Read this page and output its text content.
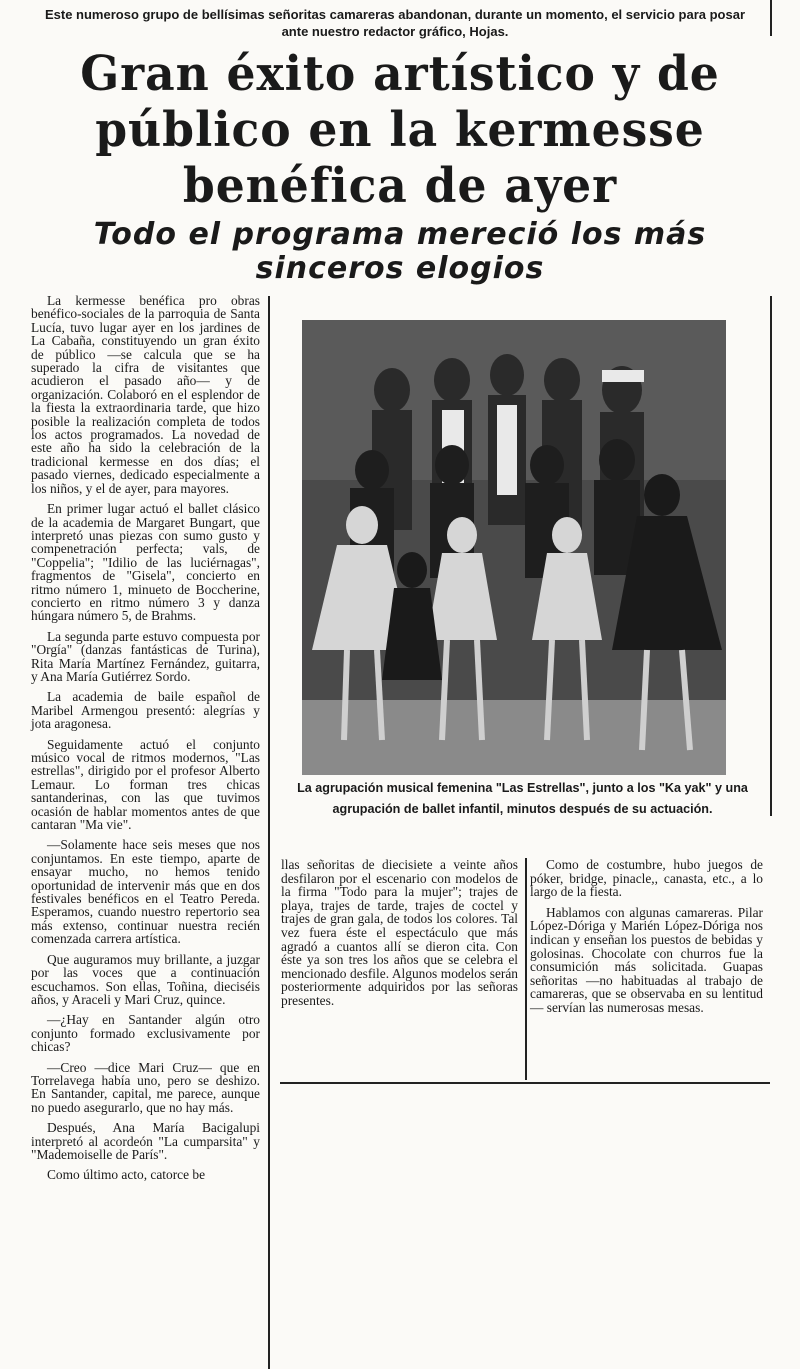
Este numeroso grupo de bellísimas señoritas camareras abandonan, durante un momento, el servicio para posar ante nuestro redactor gráfico, Hojas.
Gran éxito artístico y de público en la kermesse benéfica de ayer
Todo el programa mereció los más sinceros elogios

La kermesse benéfica pro obras benéfico-sociales de la parroquia de Santa Lucía, tuvo lugar ayer en los jardines de La Cabaña, constituyendo un gran éxito de público —se calcula que se ha superado la cifra de visitantes que acudieron el pasado año— y de organización. Colaboró en el esplendor de la fiesta la extraordinaria tarde, que hizo posible la realización completa de todos los actos programados. La novedad de este año ha sido la celebración de la tradicional kermesse en dos días; el pasado viernes, dedicado especialmente a los niños, y el de ayer, para mayores.

En primer lugar actuó el ballet clásico de la academia de Margaret Bungart, que interpretó unas piezas con sumo gusto y compenetración perfecta; vals, de "Coppelia"; "Idilio de las luciérnagas", fragmentos de "Gisela", concierto en ritmo número 1, minueto de Boccherine, concierto en ritmo número 3 y danza húngara número 5, de Brahms.

La segunda parte estuvo compuesta por "Orgía" (danzas fantásticas de Turina), Rita María Martínez Fernández, guitarra, y Ana María Gutiérrez Sordo.

La academia de baile español de Maribel Armengou presentó: alegrías y jota aragonesa.

Seguidamente actuó el conjunto músico vocal de ritmos modernos, "Las estrellas", dirigido por el profesor Alberto Lemaur. Lo forman tres chicas santanderinas, con las que tuvimos ocasión de hablar momentos antes de que cantaran "Ma vie".

—Solamente hace seis meses que nos conjuntamos. En este tiempo, aparte de ensayar mucho, no hemos tenido oportunidad de intervenir más que en dos festivales benéficos en el Teatro Pereda. Esperamos, cuando nuestro repertorio sea más extenso, continuar nuestra recién comenzada carrera artística.

Que auguramos muy brillante, a juzgar por las voces que a continuación escuchamos. Son ellas, Toñina, dieciséis años, y Araceli y Mari Cruz, quince.

—¿Hay en Santander algún otro conjunto formado exclusivamente por chicas?

—Creo —dice Mari Cruz— que en Torrelavega había uno, pero se deshizo. En Santander, capital, me parece, aunque no puedo asegurarlo, que no hay más.

Después, Ana María Bacigalupi interpretó al acordeón "La cumparsita" y "Mademoiselle de París".

Como último acto, catorce be

La agrupación musical femenina "Las Estrellas", junto a los "Ka yak" y una agrupación de ballet infantil, minutos después de su actuación.

llas señoritas de diecisiete a veinte años desfilaron por el escenario con modelos de la firma "Todo para la mujer"; trajes de playa, trajes de tarde, trajes de coctel y trajes de gran gala, de todos los colores. Tal vez fuera éste el espectáculo que más agradó a cuantos allí se dieron cita. Con éste ya son tres los años que se celebra el mencionado desfile. Algunos modelos serán posteriormente adquiridos por las señoras presentes.

Como de costumbre, hubo juegos de póker, bridge, pinacle,, canasta, etc., a lo largo de la fiesta.

Hablamos con algunas camareras. Pilar López-Dóriga y Marién López-Dóriga nos indican y enseñan los puestos de bebidas y golosinas. Chocolate con churros fue la consumición más solicitada. Guapas señoritas —no habituadas al trabajo de camareras, que se observaba en su lentitud— servían las numerosas mesas.
